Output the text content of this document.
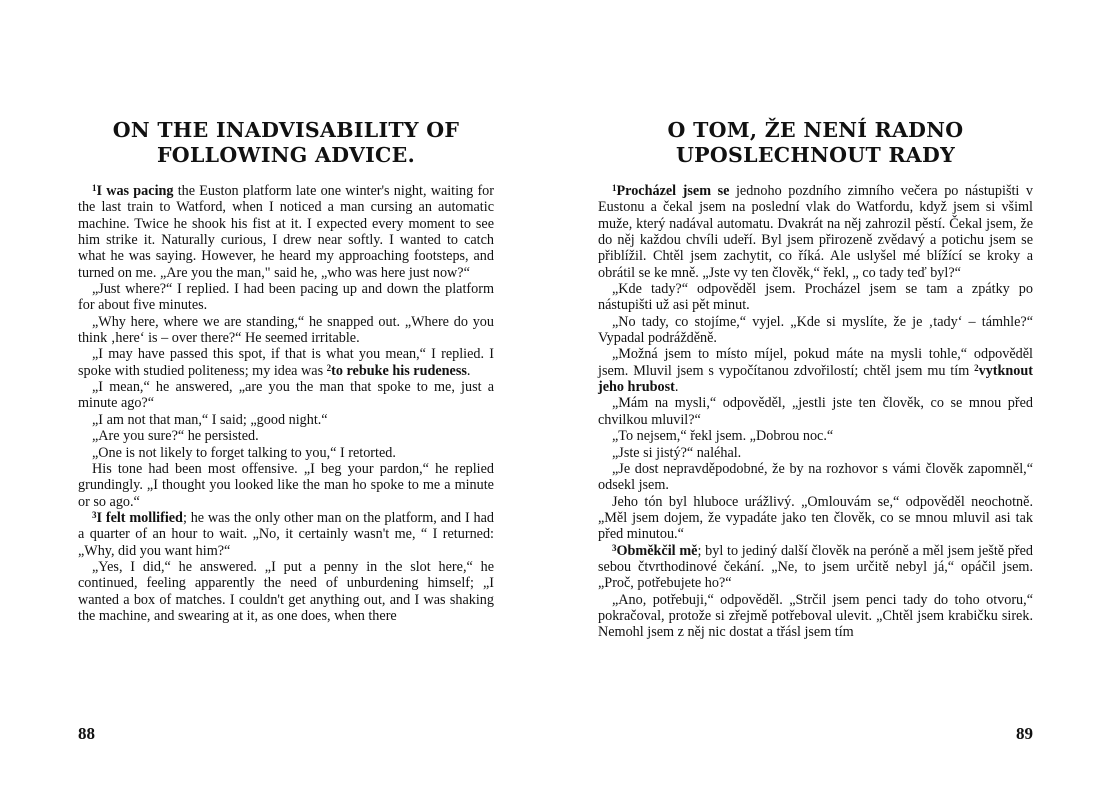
ON THE INADVISABILITY OF FOLLOWING ADVICE.

$^1$I was pacing the Euston platform late one winter's night, waiting for the last train to Watford, when I noticed a man cursing an automatic machine. Twice he shook his fist at it. I expected every moment to see him strike it. Naturally curious, I drew near softly. I wanted to catch what he was saying. However, he heard my approaching footsteps, and turned on me. „Are you the man," said he, „who was here just now?“

„Just where?“ I replied. I had been pacing up and down the platform for about five minutes.

„Why here, where we are standing,“ he snapped out. „Where do you think ‚here‘ is – over there?“ He seemed irritable.

„I may have passed this spot, if that is what you mean,“ I replied. I spoke with studied politeness; my idea was $^2$to rebuke his rudeness.

„I mean,“ he answered, „are you the man that spoke to me, just a minute ago?“

„I am not that man,“ I said; „good night.“

„Are you sure?“ he persisted.

„One is not likely to forget talking to you,“ I retorted.

His tone had been most offensive. „I beg your pardon,“ he replied grundingly. „I thought you looked like the man ho spoke to me a minute or so ago.“

$^3$I felt mollified; he was the only other man on the platform, and I had a quarter of an hour to wait. „No, it certainly wasn't me, “ I returned: „Why, did you want him?“

„Yes, I did,“ he answered. „I put a penny in the slot here,“ he continued, feeling apparently the need of unburdening himself; „I wanted a box of matches. I couldn't get anything out, and I was shaking the machine, and swearing at it, as one does, when there

88
O TOM, ŽE NENÍ RADNO UPOSLECHNOUT RADY

$^1$Procházel jsem se jednoho pozdního zimního večera po nástupišti v Eustonu a čekal jsem na poslední vlak do Watfordu, když jsem si všiml muže, který nadával automatu. Dvakrát na něj zahrozil pěstí. Čekal jsem, že do něj každou chvíli udeří. Byl jsem přirozeně zvědavý a potichu jsem se přiblížil. Chtěl jsem zachytit, co říká. Ale uslyšel mé blížící se kroky a obrátil se ke mně. „Jste vy ten člověk,“ řekl, „ co tady teď byl?“

„Kde tady?“ odpověděl jsem. Procházel jsem se tam a zpátky po nástupišti už asi pět minut.

„No tady, co stojíme,“ vyjel. „Kde si myslíte, že je ‚tady‘ – támhle?“ Vypadal podrážděně.

„Možná jsem to místo míjel, pokud máte na mysli tohle,“ odpověděl jsem. Mluvil jsem s vypočítanou zdvořilostí; chtěl jsem mu tím $^2$vytknout jeho hrubost.

„Mám na mysli,“ odpověděl, „jestli jste ten člověk, co se mnou před chvilkou mluvil?“

„To nejsem,“ řekl jsem. „Dobrou noc.“

„Jste si jistý?“ naléhal.

„Je dost nepravděpodobné, že by na rozhovor s vámi člověk zapomněl,“ odsekl jsem.

Jeho tón byl hluboce urážlivý. „Omlouvám se,“ odpověděl neochotně. „Měl jsem dojem, že vypadáte jako ten člověk, co se mnou mluvil asi tak před minutou.“

$^3$Obměkčil mě; byl to jediný další člověk na peróně a měl jsem ještě před sebou čtvrthodinové čekání. „Ne, to jsem určitě nebyl já,“ opáčil jsem. „Proč, potřebujete ho?“

„Ano, potřebuji,“ odpověděl. „Strčil jsem penci tady do toho otvoru,“ pokračoval, protože si zřejmě potřeboval ulevit. „Chtěl jsem krabičku sirek. Nemohl jsem z něj nic dostat a třásl jsem tím

89
